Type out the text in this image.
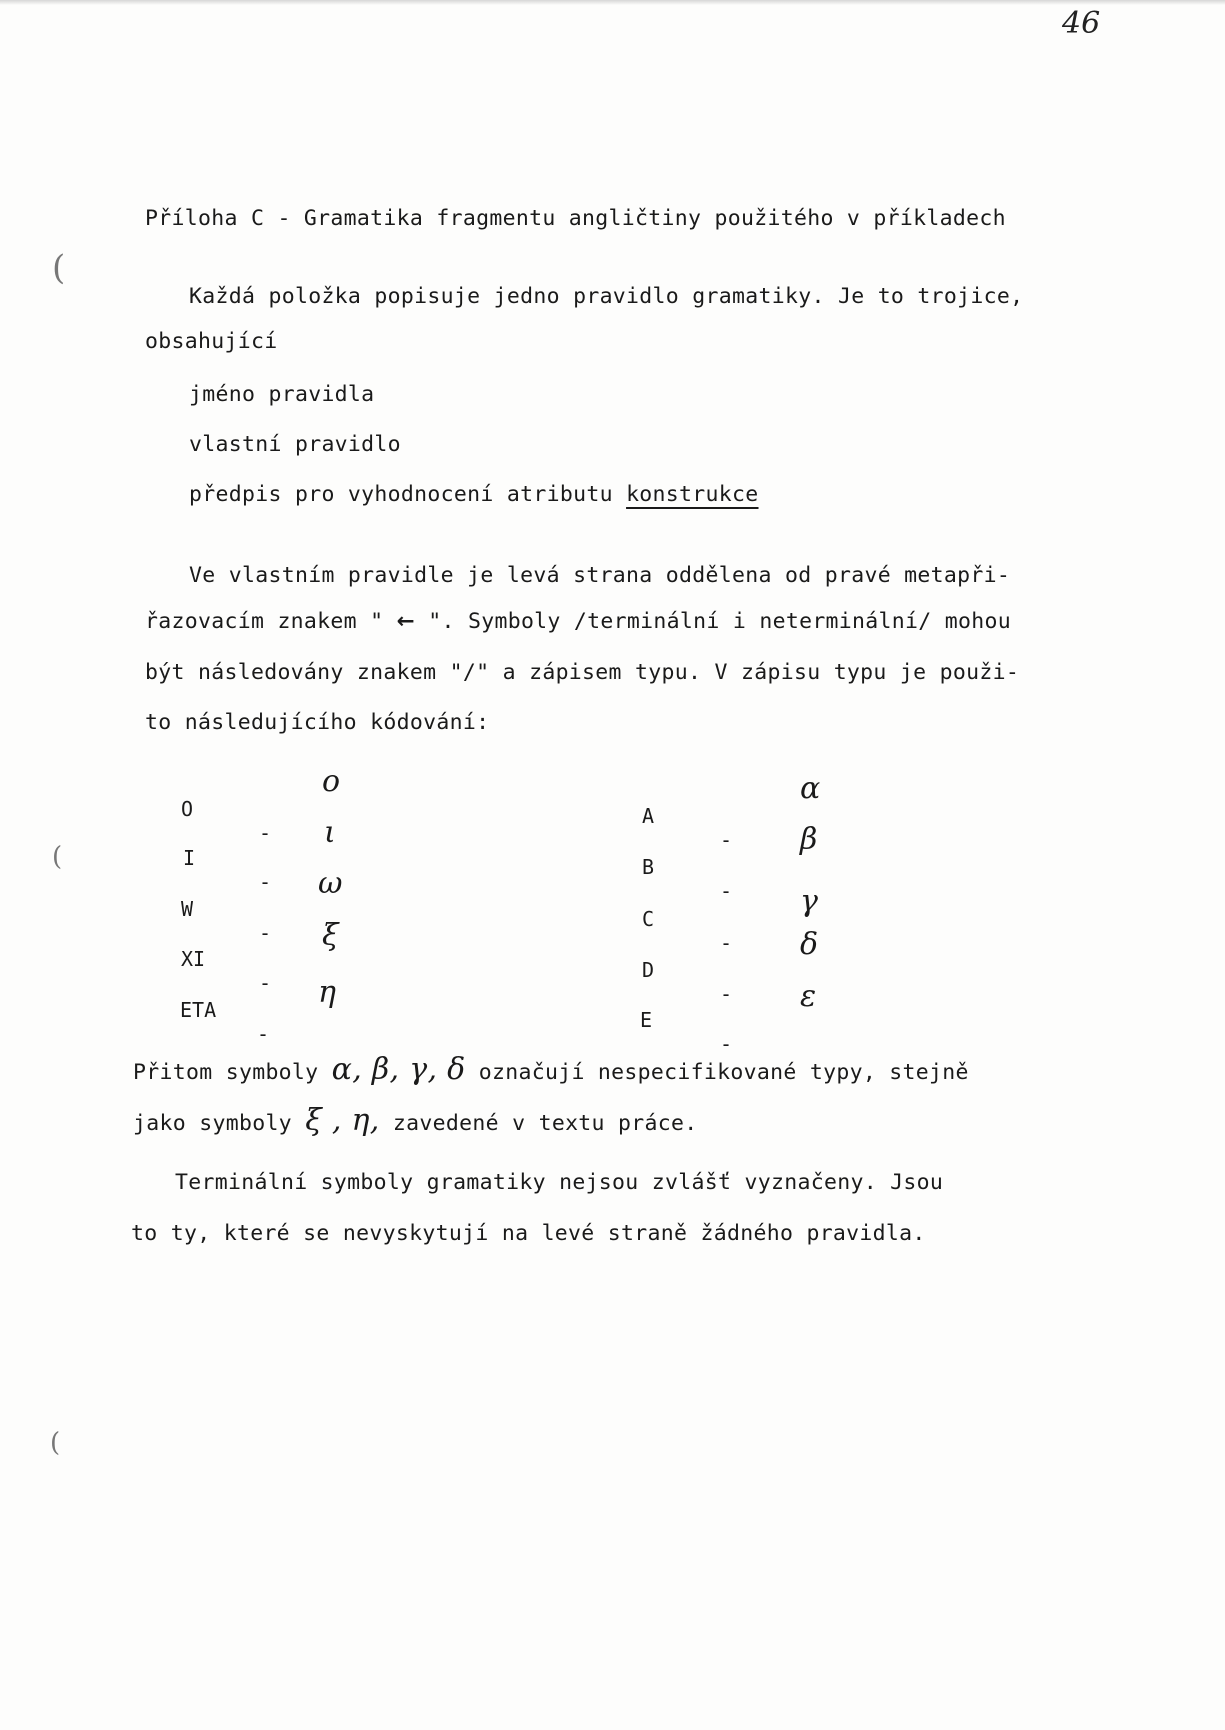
46
Příloha C - Gramatika fragmentu angličtiny použitého v příkladech
Každá položka popisuje jedno pravidlo gramatiky. Je to trojice,
obsahující
jméno pravidla
vlastní pravidlo
předpis pro vyhodnocení atributu konstrukce
Ve vlastním pravidle je levá strana oddělena od pravé metapři-
řazovacím znakem " ← ". Symboly /terminální i neterminální/ mohou
být následovány znakem "/" a zápisem typu. V zápisu typu je použi-
to následujícího kódování:

O

-

ο

I

-

ι

W

-

ω

XI

-

ξ

ETA

-

η

A

-

α

B

-

β

C

-

γ

D

-

δ

E

-

ε

Přitom symboly α, β, γ, δ označují nespecifikované typy, stejně
jako symboly ξ , η, zavedené v textu práce.
Terminální symboly gramatiky nejsou zvlášť vyznačeny. Jsou
to ty, které se nevyskytují na levé straně žádného pravidla.
(
(
(
